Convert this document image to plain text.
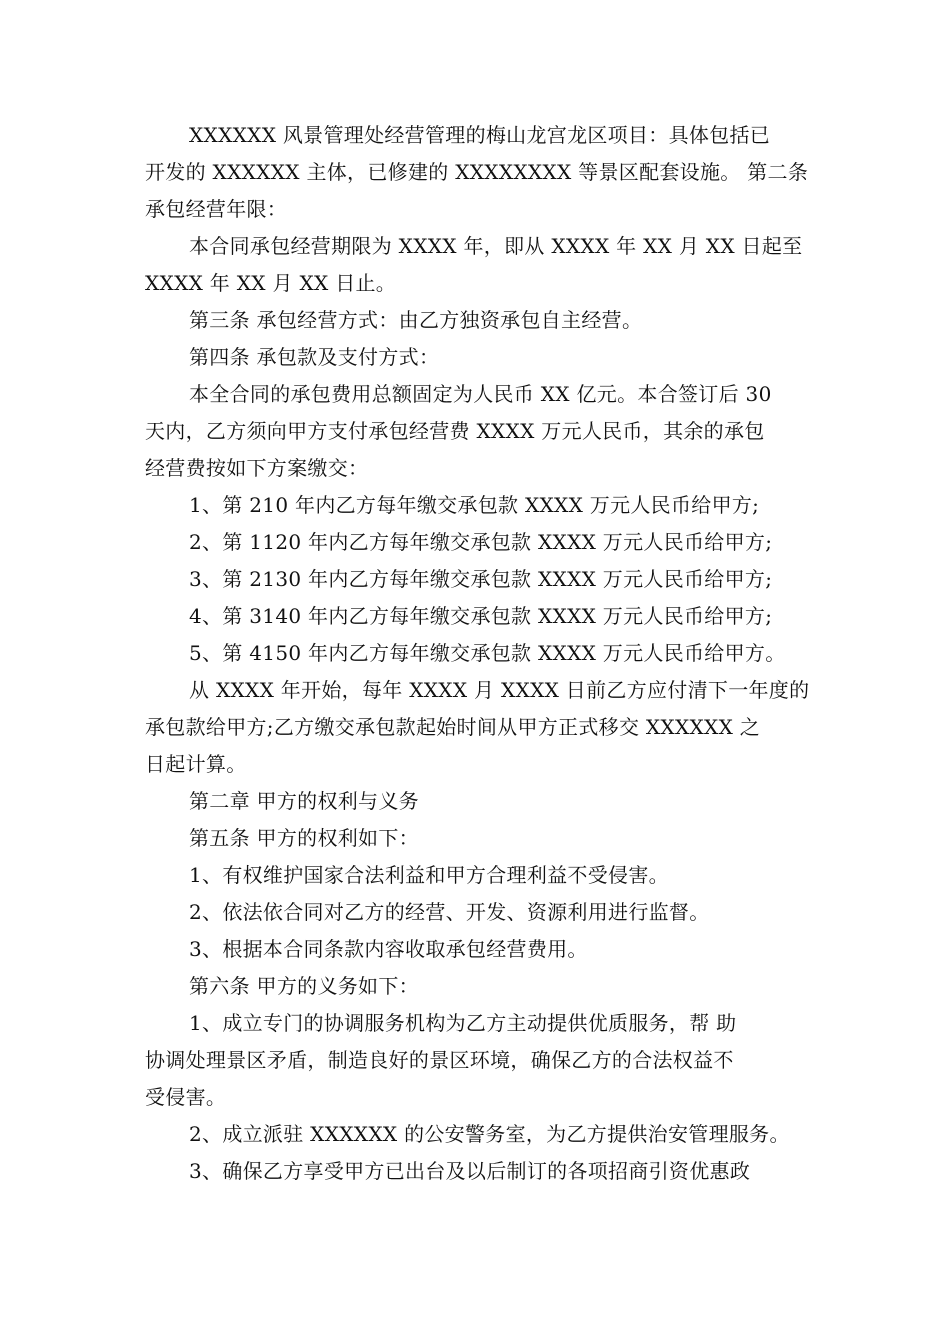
XXXXXX 风景管理处经营管理的梅山龙宫龙区项目：具体包括已
开发的 XXXXXX 主体，已修建的 XXXXXXXX 等景区配套设施。 第二条
承包经营年限：
本合同承包经营期限为 XXXX 年，即从 XXXX 年 XX 月 XX 日起至
XXXX 年 XX 月 XX 日止。
第三条 承包经营方式：由乙方独资承包自主经营。
第四条 承包款及支付方式：
本全合同的承包费用总额固定为人民币 XX 亿元。本合签订后 30
天内，乙方须向甲方支付承包经营费 XXXX 万元人民币，其余的承包
经营费按如下方案缴交：
1、第 210 年内乙方每年缴交承包款 XXXX 万元人民币给甲方;
2、第 1120 年内乙方每年缴交承包款 XXXX 万元人民币给甲方;
3、第 2130 年内乙方每年缴交承包款 XXXX 万元人民币给甲方;
4、第 3140 年内乙方每年缴交承包款 XXXX 万元人民币给甲方;
5、第 4150 年内乙方每年缴交承包款 XXXX 万元人民币给甲方。
从 XXXX 年开始，每年 XXXX 月 XXXX 日前乙方应付清下一年度的
承包款给甲方;乙方缴交承包款起始时间从甲方正式移交 XXXXXX 之
日起计算。
第二章 甲方的权利与义务
第五条 甲方的权利如下：
1、有权维护国家合法利益和甲方合理利益不受侵害。
2、依法依合同对乙方的经营、开发、资源利用进行监督。
3、根据本合同条款内容收取承包经营费用。
第六条 甲方的义务如下：
1、成立专门的协调服务机构为乙方主动提供优质服务，帮 助
协调处理景区矛盾，制造良好的景区环境，确保乙方的合法权益不
受侵害。
2、成立派驻 XXXXXX 的公安警务室，为乙方提供治安管理服务。
3、确保乙方享受甲方已出台及以后制订的各项招商引资优惠政
